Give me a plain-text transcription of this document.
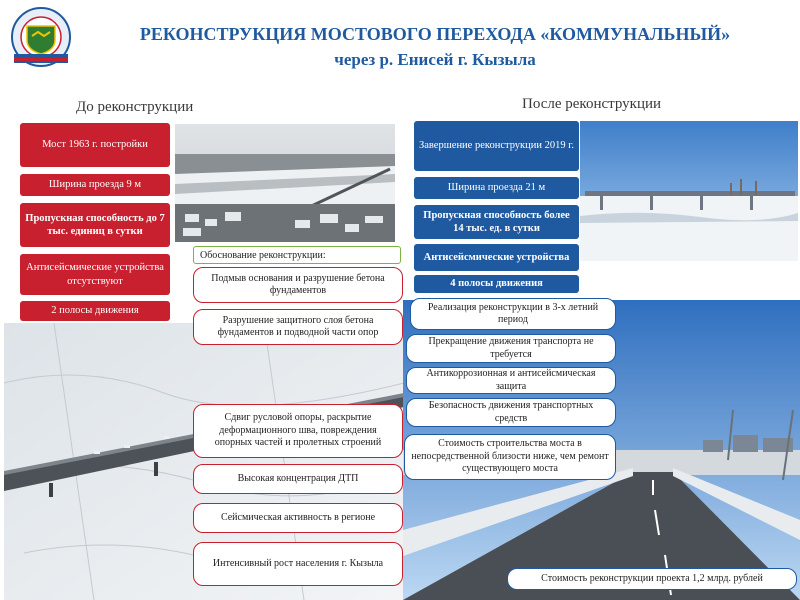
РЕКОНСТРУКЦИЯ МОСТОВОГО ПЕРЕХОДА «КОММУНАЛЬНЫЙ»
через р. Енисей г. Кызыла
До реконструкции	После реконструкции
Мост 1963 г. постройки
Ширина проезда 9 м
Пропускная способность до 7 тыс. единиц в сутки
Антисейсмические устройства отсутствуют
2 полосы движения
Завершение реконструкции 2019 г.
Ширина проезда 21 м
Пропускная способность более 14 тыс. ед. в сутки
Антисейсмические устройства
4 полосы движения
Обоснование реконструкции:
Подмыв основания и разрушение бетона фундаментов
Разрушение защитного слоя бетона фундаментов и подводной части опор
Сдвиг русловой опоры, раскрытие деформационного шва, повреждения опорных частей и пролетных строений
Высокая концентрация ДТП
Сейсмическая активность в регионе
Интенсивный рост населения г. Кызыла
Реализация реконструкции в 3-х летний период
Прекращение движения транспорта не требуется
Антикоррозионная и антисейсмическая защита
Безопасность движения транспортных средств
Стоимость строительства моста в непосредственной близости ниже, чем ремонт существующего моста
Стоимость реконструкции проекта 1,2 млрд. рублей
